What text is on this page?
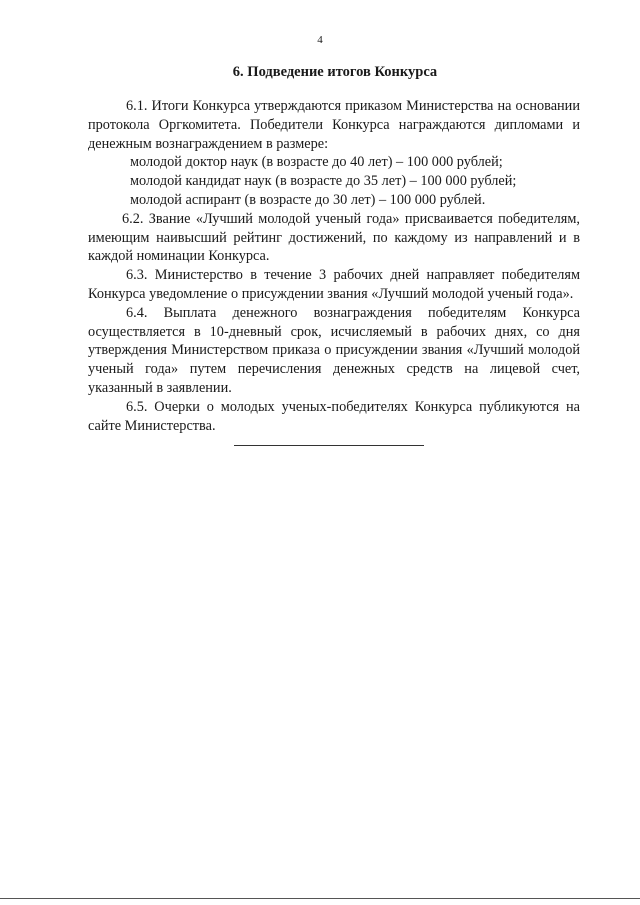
4
6. Подведение итогов Конкурса

6.1. Итоги Конкурса утверждаются приказом Министерства на основании протокола Оргкомитета. Победители Конкурса награждаются дипломами и денежным вознаграждением в размере:

молодой доктор наук (в возрасте до 40 лет) – 100 000 рублей;
молодой кандидат наук (в возрасте до 35 лет) – 100 000 рублей;
молодой аспирант (в возрасте до 30 лет) – 100 000 рублей.

6.2. Звание «Лучший молодой ученый года» присваивается победителям, имеющим наивысший рейтинг достижений, по каждому из направлений и в каждой номинации Конкурса.

6.3. Министерство в течение 3 рабочих дней направляет победителям Конкурса уведомление о присуждении звания «Лучший молодой ученый года».

6.4. Выплата денежного вознаграждения победителям Конкурса осуществляется в 10-дневный срок, исчисляемый в рабочих днях, со дня утверждения Министерством приказа о присуждении звания «Лучший молодой ученый года» путем перечисления денежных средств на лицевой счет, указанный в заявлении.

6.5. Очерки о молодых ученых-победителях Конкурса публикуются на сайте Министерства.
